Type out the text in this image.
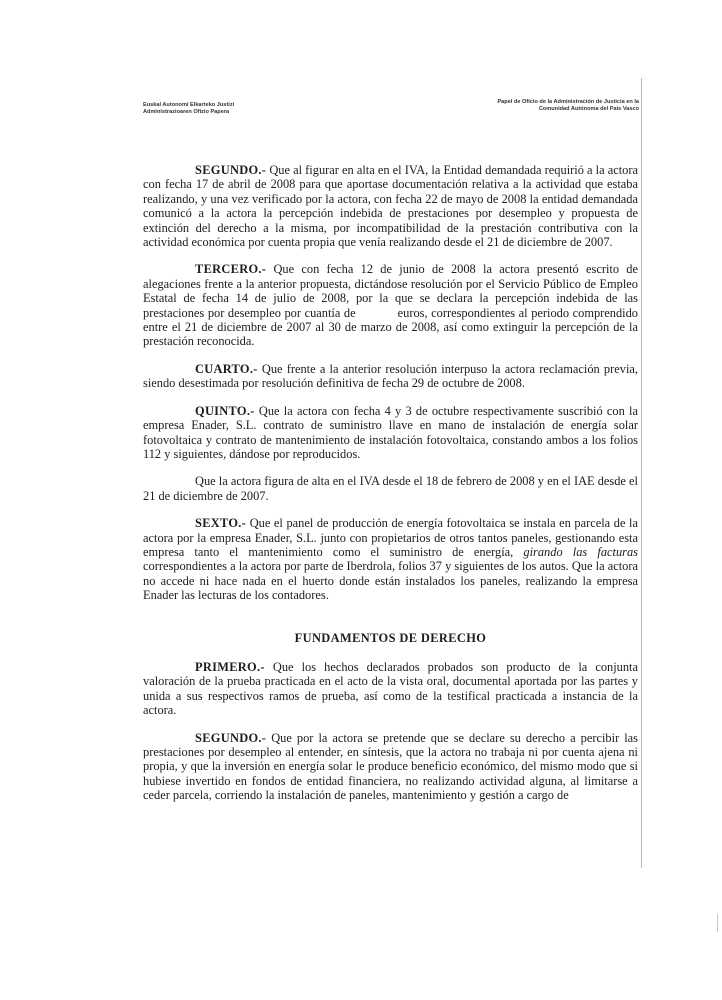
Euskal Autonomi Elkarteko Justizi
Administrazioaren Ofizio Papera
Papel de Oficio de la Administración de Justicia en la
Comunidad Autónoma del País Vasco

SEGUNDO.- Que al figurar en alta en el IVA, la Entidad demandada requirió a la actora con fecha 17 de abril de 2008 para que aportase documentación relativa a la actividad que estaba realizando, y una vez verificado por la actora, con fecha 22 de mayo de 2008 la entidad demandada comunicó a la actora la percepción indebida de prestaciones por desempleo y propuesta de extinción del derecho a la misma, por incompatibilidad de la prestación contributiva con la actividad económica por cuenta propia que venía realizando desde el 21 de diciembre de 2007.

TERCERO.- Que con fecha 12 de junio de 2008 la actora presentó escrito de alegaciones frente a la anterior propuesta, dictándose resolución por el Servicio Público de Empleo Estatal de fecha 14 de julio de 2008, por la que se declara la percepción indebida de las prestaciones por desempleo por cuantía de	euros, correspondientes al periodo comprendido entre el 21 de diciembre de 2007 al 30 de marzo de 2008, así como extinguir la percepción de la prestación reconocida.

CUARTO.- Que frente a la anterior resolución interpuso la actora reclamación previa, siendo desestimada por resolución definitiva de fecha 29 de octubre de 2008.

QUINTO.- Que la actora con fecha 4 y 3 de octubre respectivamente suscribió con la empresa Enader, S.L. contrato de suministro llave en mano de instalación de energía solar fotovoltaica y contrato de mantenimiento de instalación fotovoltaica, constando ambos a los folios 112 y siguientes, dándose por reproducidos.

Que la actora figura de alta en el IVA desde el 18 de febrero de 2008 y en el IAE desde el 21 de diciembre de 2007.

SEXTO.- Que el panel de producción de energía fotovoltaica se instala en parcela de la actora por la empresa Enader, S.L. junto con propietarios de otros tantos paneles, gestionando esta empresa tanto el mantenimiento como el suministro de energía, girando las facturas correspondientes a la actora por parte de Iberdrola, folios 37 y siguientes de los autos. Que la actora no accede ni hace nada en el huerto donde están instalados los paneles, realizando la empresa Enader las lecturas de los contadores.

FUNDAMENTOS DE DERECHO

PRIMERO.- Que los hechos declarados probados son producto de la conjunta valoración de la prueba practicada en el acto de la vista oral, documental aportada por las partes y unida a sus respectivos ramos de prueba, así como de la testifical practicada a instancia de la actora.

SEGUNDO.- Que por la actora se pretende que se declare su derecho a percibir las prestaciones por desempleo al entender, en síntesis, que la actora no trabaja ni por cuenta ajena ni propia, y que la inversión en energía solar le produce beneficio económico, del mismo modo que si hubiese invertido en fondos de entidad financiera, no realizando actividad alguna, al limitarse a ceder parcela, corriendo la instalación de paneles, mantenimiento y gestión a cargo de
